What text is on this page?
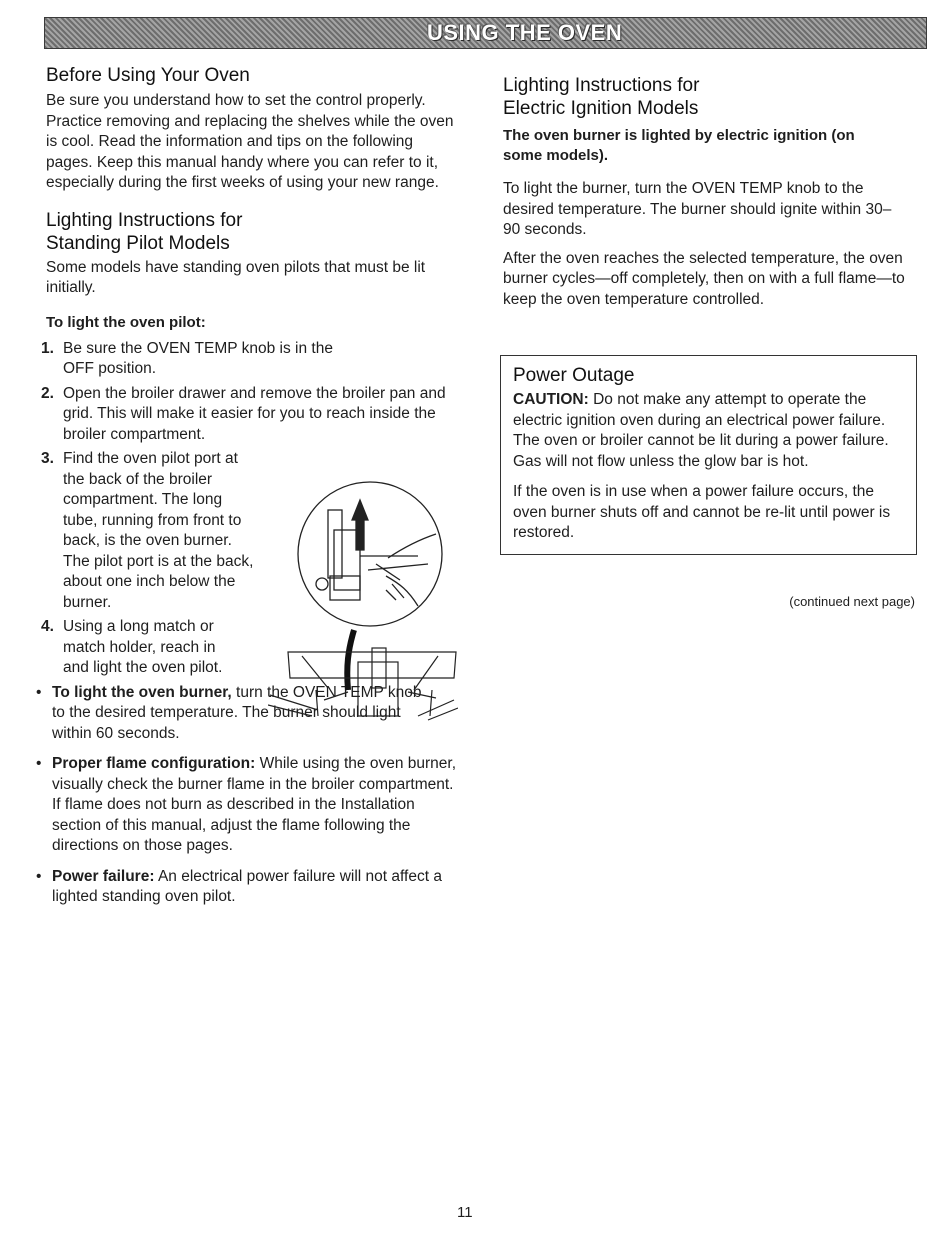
USING THE OVEN
Before Using Your Oven

Be sure you understand how to set the control properly. Practice removing and replacing the shelves while the oven is cool. Read the information and tips on the following pages. Keep this manual handy where you can refer to it, especially during the first weeks of using your new range.

Lighting Instructions for
Standing Pilot Models

Some models have standing oven pilots that must be lit initially.

To light the oven pilot:

1. Be sure the OVEN TEMP knob is in the OFF position.
2. Open the broiler drawer and remove the broiler pan and grid. This will make it easier for you to reach inside the broiler compartment.
3. Find the oven pilot port at the back of the broiler compartment. The long tube, running from front to back, is the oven burner. The pilot port is at the back, about one inch below the burner.
4. Using a long match or match holder, reach in and light the oven pilot.
• To light the oven burner, turn the OVEN TEMP knob to the desired temperature. The burner should light within 60 seconds.
• Proper flame configuration: While using the oven burner, visually check the burner flame in the broiler compartment. If flame does not burn as described in the Installation section of this manual, adjust the flame following the directions on those pages.
• Power failure: An electrical power failure will not affect a lighted standing oven pilot.
Lighting Instructions for
Electric Ignition Models

The oven burner is lighted by electric ignition (on some models).

To light the burner, turn the OVEN TEMP knob to the desired temperature. The burner should ignite within 30–90 seconds.

After the oven reaches the selected temperature, the oven burner cycles—off completely, then on with a full flame—to keep the oven temperature controlled.

Power Outage

CAUTION: Do not make any attempt to operate the electric ignition oven during an electrical power failure. The oven or broiler cannot be lit during a power failure. Gas will not flow unless the glow bar is hot.

If the oven is in use when a power failure occurs, the oven burner shuts off and cannot be re-lit until power is restored.

(continued next page)
11
